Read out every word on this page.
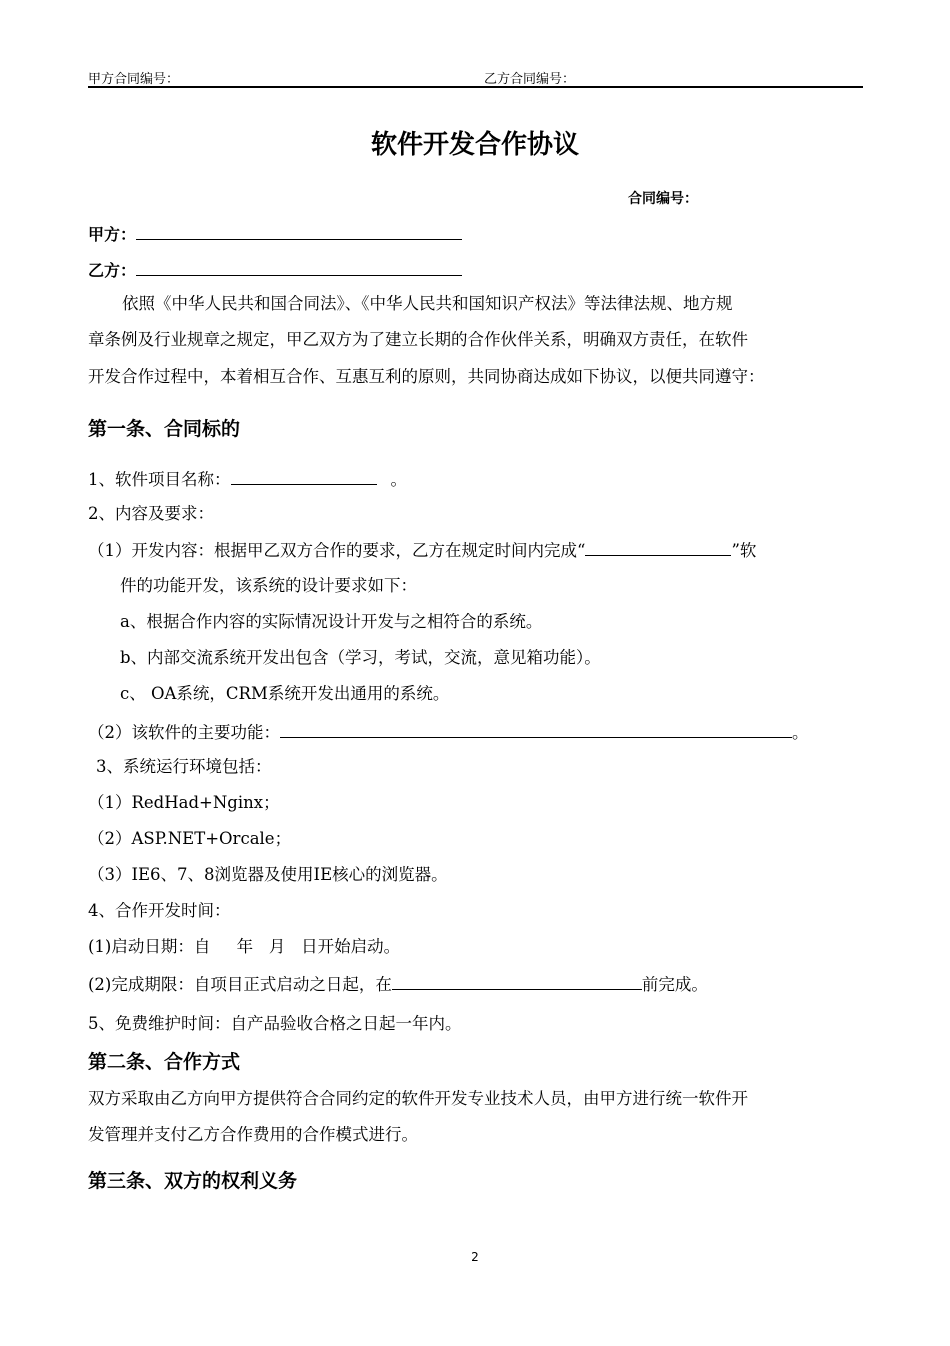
甲方合同编号：	乙方合同编号：
软件开发合作协议
合同编号：
甲方：
乙方：
依照《中华人民共和国合同法》、《中华人民共和国知识产权法》等法律法规、地方规
章条例及行业规章之规定，甲乙双方为了建立长期的合作伙伴关系，明确双方责任，在软件
开发合作过程中，本着相互合作、互惠互利的原则，共同协商达成如下协议，以便共同遵守：
第一条、合同标的
1、软件项目名称：	。
2、内容及要求：
（1）开发内容：根据甲乙双方合作的要求，乙方在规定时间内完成“	”软
件的功能开发，该系统的设计要求如下：
a、根据合作内容的实际情况设计开发与之相符合的系统。
b、内部交流系统开发出包含（学习，考试，交流，意见箱功能）。
c、 OA系统，CRM系统开发出通用的系统。
（2）该软件的主要功能：	。
3、系统运行环境包括：
（1）RedHad+Nginx；
（2）ASP.NET+Orcale；
（3）IE6、7、8浏览器及使用IE核心的浏览器。
4、合作开发时间：
(1)启动日期：自     年   月   日开始启动。
(2)完成期限：自项目正式启动之日起，在	前完成。
5、免费维护时间：自产品验收合格之日起一年内。
第二条、合作方式
双方采取由乙方向甲方提供符合合同约定的软件开发专业技术人员，由甲方进行统一软件开
发管理并支付乙方合作费用的合作模式进行。
第三条、双方的权利义务
2
